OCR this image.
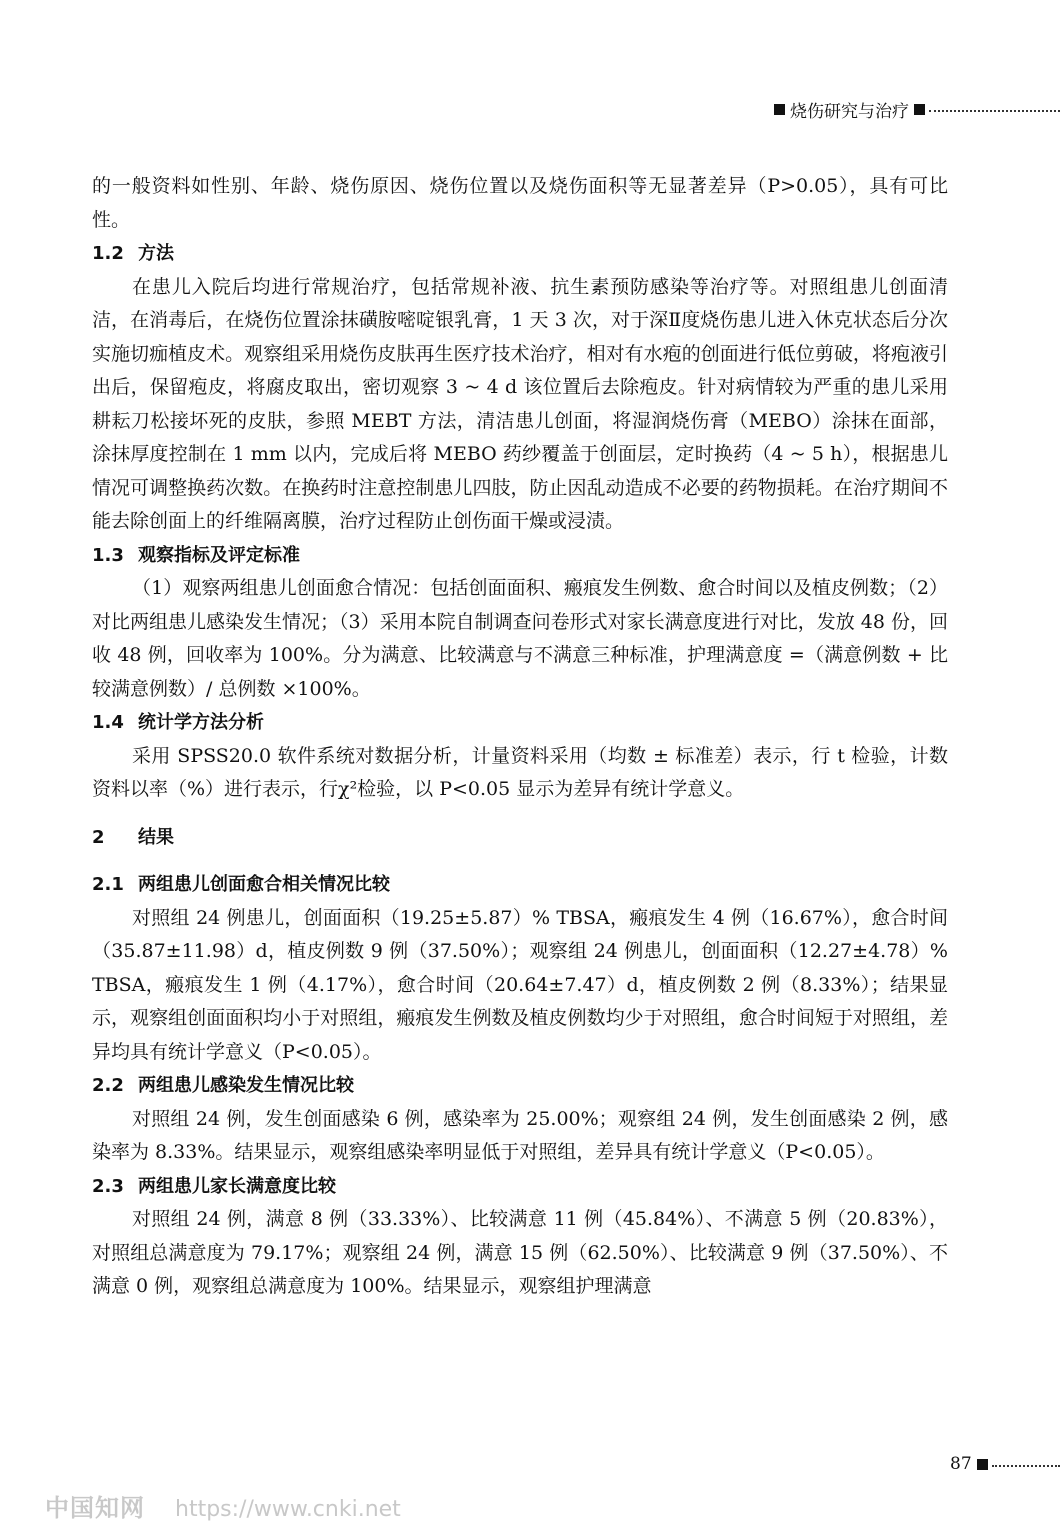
烧伤研究与治疗

的一般资料如性别、年龄、烧伤原因、烧伤位置以及烧伤面积等无显著差异（P>0.05），具有可比性。

1.2 方法

在患儿入院后均进行常规治疗，包括常规补液、抗生素预防感染等治疗等。对照组患儿创面清洁，在消毒后，在烧伤位置涂抹磺胺嘧啶银乳膏，1 天 3 次，对于深Ⅱ度烧伤患儿进入休克状态后分次实施切痂植皮术。观察组采用烧伤皮肤再生医疗技术治疗，相对有水疱的创面进行低位剪破，将疱液引出后，保留疱皮，将腐皮取出，密切观察 3 ~ 4 d 该位置后去除疱皮。针对病情较为严重的患儿采用耕耘刀松接坏死的皮肤，参照 MEBT 方法，清洁患儿创面，将湿润烧伤膏（MEBO）涂抹在面部，涂抹厚度控制在 1 mm 以内，完成后将 MEBO 药纱覆盖于创面层，定时换药（4 ~ 5 h），根据患儿情况可调整换药次数。在换药时注意控制患儿四肢，防止因乱动造成不必要的药物损耗。在治疗期间不能去除创面上的纤维隔离膜，治疗过程防止创伤面干燥或浸渍。

1.3 观察指标及评定标准

（1）观察两组患儿创面愈合情况：包括创面面积、瘢痕发生例数、愈合时间以及植皮例数；（2）对比两组患儿感染发生情况；（3）采用本院自制调查问卷形式对家长满意度进行对比，发放 48 份，回收 48 例，回收率为 100%。分为满意、比较满意与不满意三种标准，护理满意度 =（满意例数 + 比较满意例数）/ 总例数 ×100%。

1.4 统计学方法分析

采用 SPSS20.0 软件系统对数据分析，计量资料采用（均数 ± 标准差）表示，行 t 检验，计数资料以率（%）进行表示，行χ²检验，以 P<0.05 显示为差异有统计学意义。

2 结果

2.1 两组患儿创面愈合相关情况比较

对照组 24 例患儿，创面面积（19.25±5.87）% TBSA，瘢痕发生 4 例（16.67%），愈合时间（35.87±11.98）d，植皮例数 9 例（37.50%）；观察组 24 例患儿，创面面积（12.27±4.78）% TBSA，瘢痕发生 1 例（4.17%），愈合时间（20.64±7.47）d，植皮例数 2 例（8.33%）；结果显示，观察组创面面积均小于对照组，瘢痕发生例数及植皮例数均少于对照组，愈合时间短于对照组，差异均具有统计学意义（P<0.05）。

2.2 两组患儿感染发生情况比较

对照组 24 例，发生创面感染 6 例，感染率为 25.00%；观察组 24 例，发生创面感染 2 例，感染率为 8.33%。结果显示，观察组感染率明显低于对照组，差异具有统计学意义（P<0.05）。

2.3 两组患儿家长满意度比较

对照组 24 例，满意 8 例（33.33%）、比较满意 11 例（45.84%）、不满意 5 例（20.83%），对照组总满意度为 79.17%；观察组 24 例，满意 15 例（62.50%）、比较满意 9 例（37.50%）、不满意 0 例，观察组总满意度为 100%。结果显示，观察组护理满意

87
中国知网 https://www.cnki.net
